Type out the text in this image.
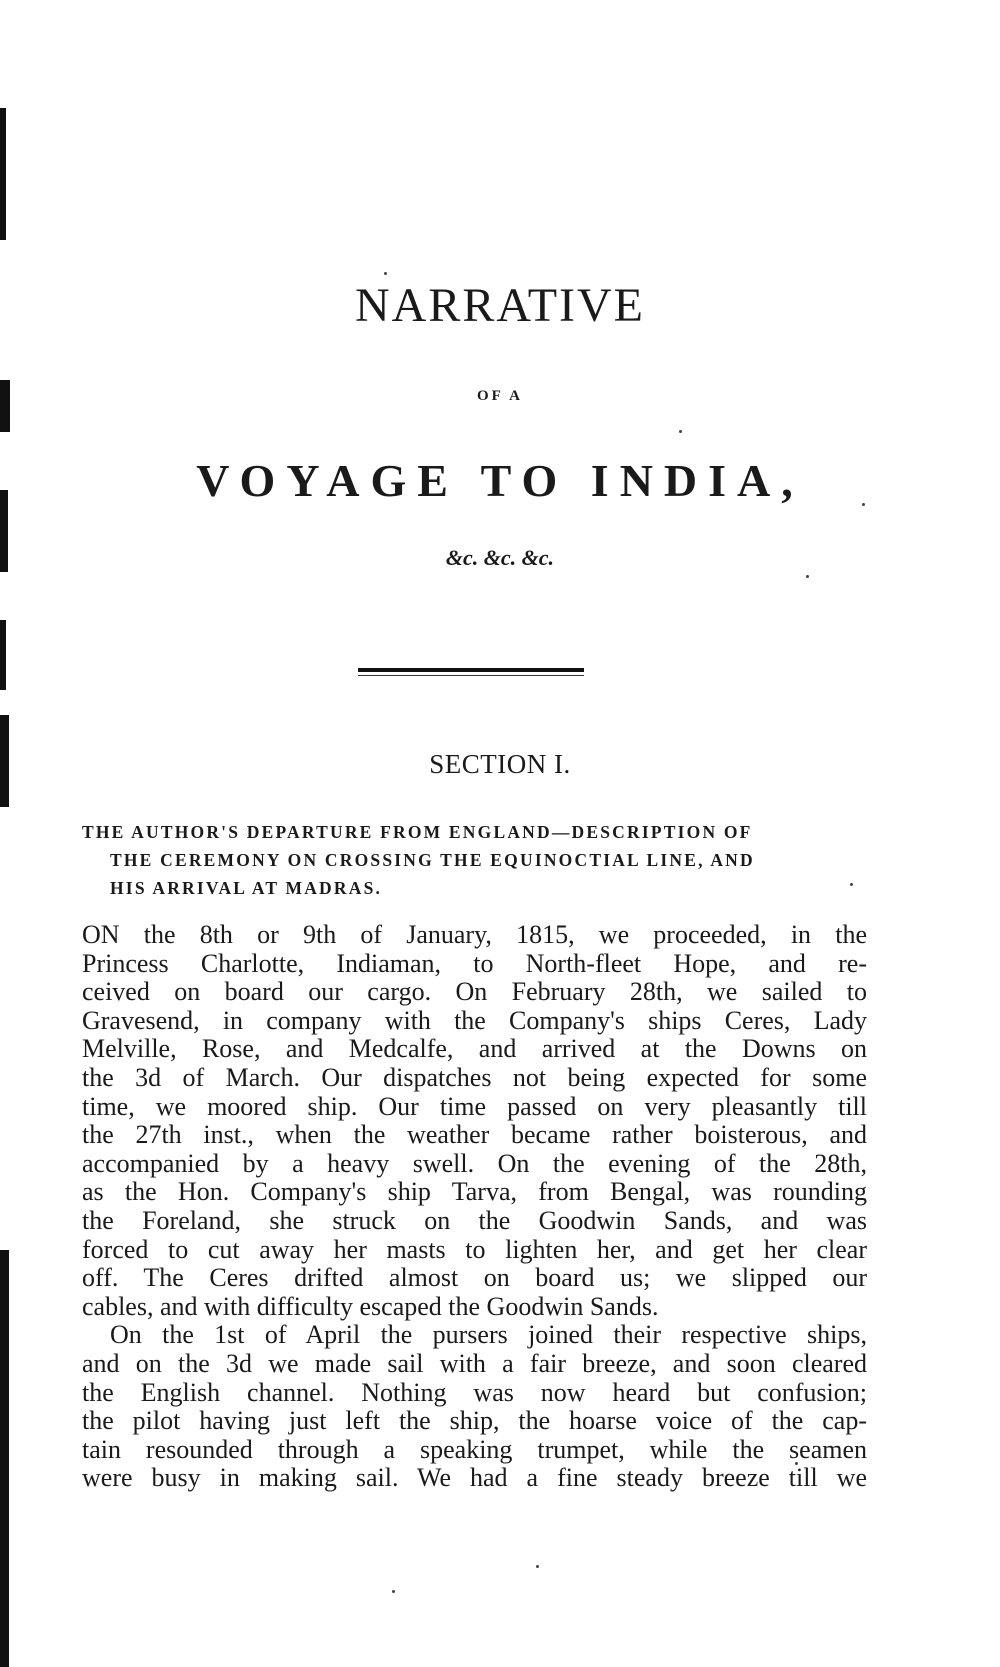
NARRATIVE
OF A
VOYAGE TO INDIA,
&c. &c. &c.
SECTION I.
THE AUTHOR'S DEPARTURE FROM ENGLAND—DESCRIPTION OF
THE CEREMONY ON CROSSING THE EQUINOCTIAL LINE, AND
HIS ARRIVAL AT MADRAS.
ON the 8th or 9th of January, 1815, we proceeded, in the
Princess Charlotte, Indiaman, to North-fleet Hope, and re-
ceived on board our cargo. On February 28th, we sailed to
Gravesend, in company with the Company's ships Ceres, Lady
Melville, Rose, and Medcalfe, and arrived at the Downs on
the 3d of March. Our dispatches not being expected for some
time, we moored ship. Our time passed on very pleasantly till
the 27th inst., when the weather became rather boisterous, and
accompanied by a heavy swell. On the evening of the 28th,
as the Hon. Company's ship Tarva, from Bengal, was rounding
the Foreland, she struck on the Goodwin Sands, and was
forced to cut away her masts to lighten her, and get her clear
off. The Ceres drifted almost on board us; we slipped our
cables, and with difficulty escaped the Goodwin Sands.
On the 1st of April the pursers joined their respective ships,
and on the 3d we made sail with a fair breeze, and soon cleared
the English channel. Nothing was now heard but confusion;
the pilot having just left the ship, the hoarse voice of the cap-
tain resounded through a speaking trumpet, while the seamen
were busy in making sail. We had a fine steady breeze till we
